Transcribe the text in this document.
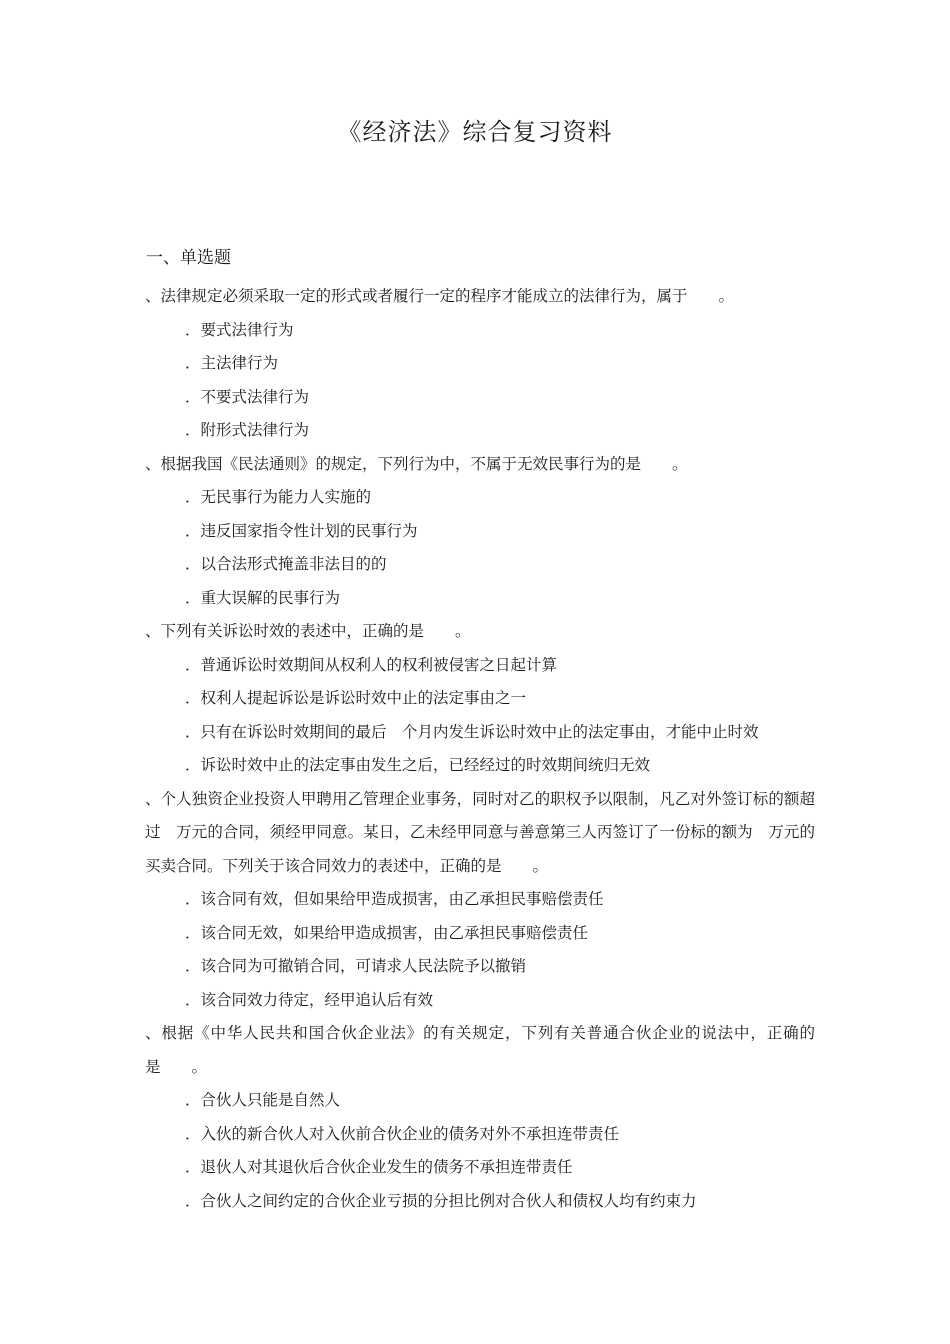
《经济法》综合复习资料
一、单选题

、法律规定必须采取一定的形式或者履行一定的程序才能成立的法律行为，属于　　。

．要式法律行为

．主法律行为

．不要式法律行为

．附形式法律行为

、根据我国《民法通则》的规定，下列行为中，不属于无效民事行为的是　　。

．无民事行为能力人实施的

．违反国家指令性计划的民事行为

．以合法形式掩盖非法目的的

．重大误解的民事行为

、下列有关诉讼时效的表述中，正确的是　　。

．普通诉讼时效期间从权利人的权利被侵害之日起计算

．权利人提起诉讼是诉讼时效中止的法定事由之一

．只有在诉讼时效期间的最后　个月内发生诉讼时效中止的法定事由，才能中止时效

．诉讼时效中止的法定事由发生之后，已经经过的时效期间统归无效

、个人独资企业投资人甲聘用乙管理企业事务，同时对乙的职权予以限制，凡乙对外签订标的额超过　万元的合同，须经甲同意。某日，乙未经甲同意与善意第三人丙签订了一份标的额为　万元的买卖合同。下列关于该合同效力的表述中，正确的是　　。

．该合同有效，但如果给甲造成损害，由乙承担民事赔偿责任

．该合同无效，如果给甲造成损害，由乙承担民事赔偿责任

．该合同为可撤销合同，可请求人民法院予以撤销

．该合同效力待定，经甲追认后有效

、根据《中华人民共和国合伙企业法》的有关规定，下列有关普通合伙企业的说法中，正确的是　　。

．合伙人只能是自然人

．入伙的新合伙人对入伙前合伙企业的债务对外不承担连带责任

．退伙人对其退伙后合伙企业发生的债务不承担连带责任

．合伙人之间约定的合伙企业亏损的分担比例对合伙人和债权人均有约束力
